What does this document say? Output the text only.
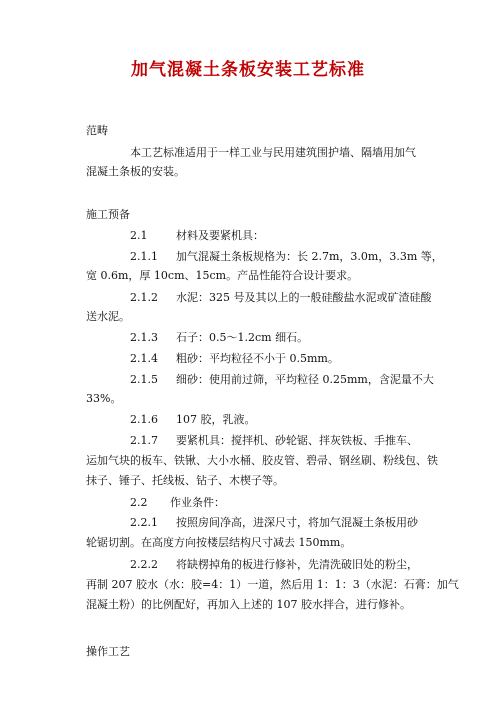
加气混凝土条板安装工艺标准
范畴
本工艺标准适用于一样工业与民用建筑围护墙、隔墙用加气
混凝土条板的安装。
施工预备
2.1	材料及要紧机具：
2.1.1 加气混凝土条板规格为：长 2.7m，3.0m，3.3m 等，
宽 0.6m，厚 10cm、15cm。产品性能符合设计要求。
2.1.2 水泥：325 号及其以上的一般硅酸盐水泥或矿渣硅酸
送水泥。
2.1.3 石子：0.5～1.2cm 细石。
2.1.4 粗砂：平均粒径不小于 0.5mm。
2.1.5 细砂：使用前过筛，平均粒径 0.25mm，含泥量不大
33%。
2.1.6 107 胶，乳液。
2.1.7 要紧机具：搅拌机、砂轮锯、拌灰铁板、手推车、
运加气块的板车、铁锹、大小水桶、胶皮管、碧帚、钢丝刷、粉线包、铁
抹子、锤子、托线板、钻子、木楔子等。
2.2 作业条件：
2.2.1 按照房间净高，进深尺寸，将加气混凝土条板用砂
轮锯切割。在高度方向按楼层结构尺寸减去 150mm。
2.2.2 将缺楞掉角的板进行修补，先清洗破旧处的粉尘，
再制 207 胶水（水：胶=4：1）一道，然后用 1：1：3（水泥：石膏：加气
混凝土粉）的比例配好，再加入上述的 107 胶水拌合，进行修补。
操作工艺
